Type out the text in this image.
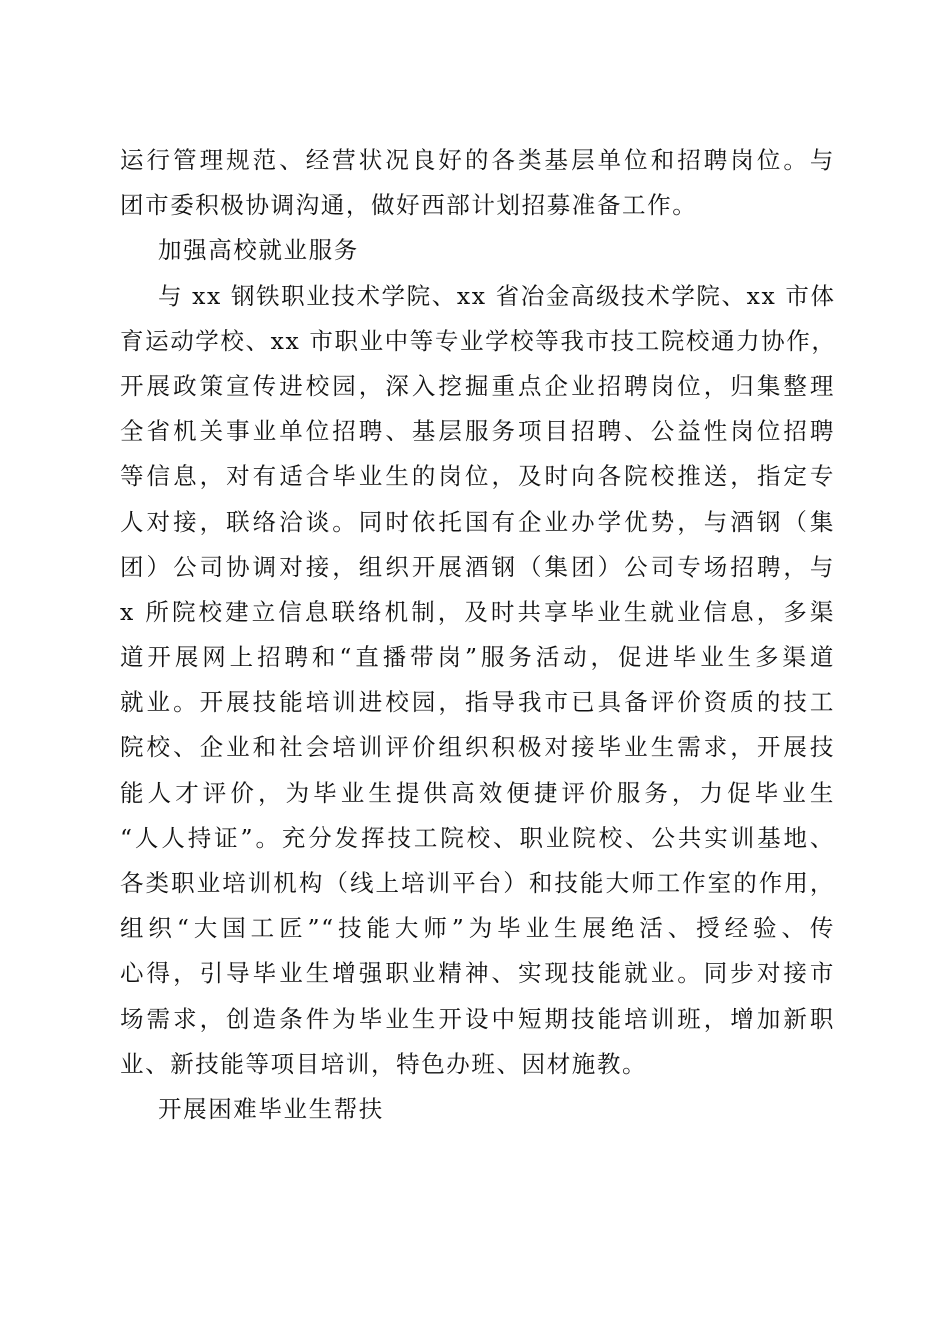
运行管理规范、经营状况良好的各类基层单位和招聘岗位。与
团市委积极协调沟通，做好西部计划招募准备工作。
加强高校就业服务
与 xx 钢铁职业技术学院、xx 省冶金高级技术学院、xx 市体
育运动学校、xx 市职业中等专业学校等我市技工院校通力协作，
开展政策宣传进校园，深入挖掘重点企业招聘岗位，归集整理
全省机关事业单位招聘、基层服务项目招聘、公益性岗位招聘
等信息，对有适合毕业生的岗位，及时向各院校推送，指定专
人对接，联络洽谈。同时依托国有企业办学优势，与酒钢（集
团）公司协调对接，组织开展酒钢（集团）公司专场招聘，与
x 所院校建立信息联络机制，及时共享毕业生就业信息，多渠
道开展网上招聘和“直播带岗”服务活动，促进毕业生多渠道
就业。开展技能培训进校园，指导我市已具备评价资质的技工
院校、企业和社会培训评价组织积极对接毕业生需求，开展技
能人才评价，为毕业生提供高效便捷评价服务，力促毕业生
“人人持证”。充分发挥技工院校、职业院校、公共实训基地、
各类职业培训机构（线上培训平台）和技能大师工作室的作用，
组织“大国工匠”“技能大师”为毕业生展绝活、授经验、传
心得，引导毕业生增强职业精神、实现技能就业。同步对接市
场需求，创造条件为毕业生开设中短期技能培训班，增加新职
业、新技能等项目培训，特色办班、因材施教。
开展困难毕业生帮扶
